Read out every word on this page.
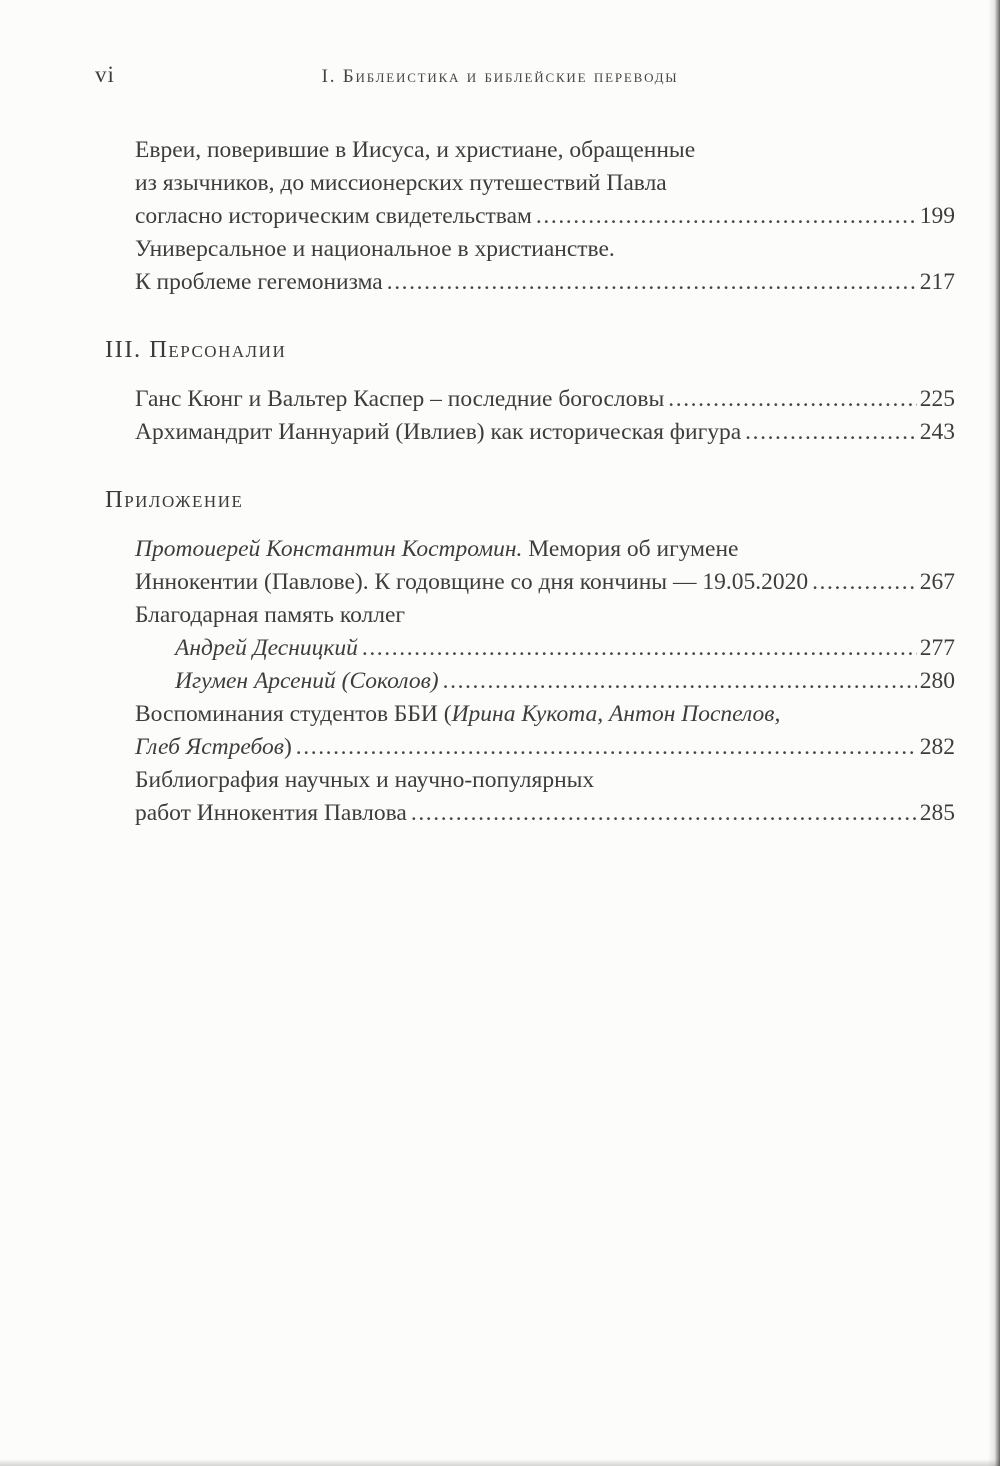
vi	I. Библеистика и библейские переводы
Евреи, поверившие в Иисуса, и христиане, обращенные
из язычников, до миссионерских путешествий Павла
согласно историческим свидетельствам .....	199
Универсальное и национальное в христианстве.
К проблеме гегемонизма .....	217
III. Персоналии
Ганс Кюнг и Вальтер Каспер – последние богословы .....	225
Архимандрит Ианнуарий (Ивлиев) как историческая фигура .....	243
Приложение
Протоиерей Константин Костромин. Мемория об игумене
Иннокентии (Павлове). К годовщине со дня кончины — 19.05.2020 .....	267
Благодарная память коллег
Андрей Десницкий .....	277
Игумен Арсений (Соколов) .....	280
Воспоминания студентов ББИ (Ирина Кукота, Антон Поспелов,
Глеб Ястребов) .....	282
Библиография научных и научно-популярных
работ Иннокентия Павлова .....	285
